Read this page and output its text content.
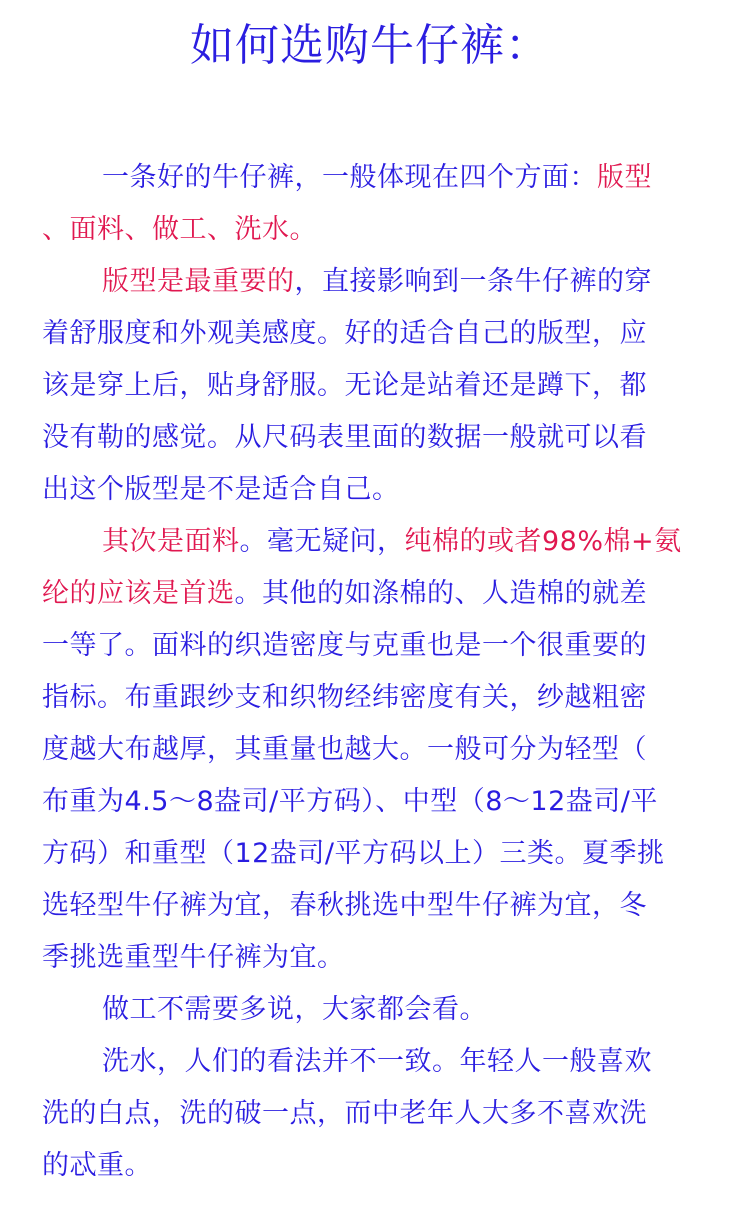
如何选购牛仔裤：
一条好的牛仔裤，一般体现在四个方面：版型
、面料、做工、洗水。
版型是最重要的，直接影响到一条牛仔裤的穿
着舒服度和外观美感度。好的适合自己的版型，应
该是穿上后，贴身舒服。无论是站着还是蹲下，都
没有勒的感觉。从尺码表里面的数据一般就可以看
出这个版型是不是适合自己。
其次是面料。毫无疑问，纯棉的或者98%棉+氨
纶的应该是首选。其他的如涤棉的、人造棉的就差
一等了。面料的织造密度与克重也是一个很重要的
指标。布重跟纱支和织物经纬密度有关，纱越粗密
度越大布越厚，其重量也越大。一般可分为轻型（
布重为4.5～8盎司/平方码）、中型（8～12盎司/平
方码）和重型（12盎司/平方码以上）三类。夏季挑
选轻型牛仔裤为宜，春秋挑选中型牛仔裤为宜，冬
季挑选重型牛仔裤为宜。
做工不需要多说，大家都会看。
洗水，人们的看法并不一致。年轻人一般喜欢
洗的白点，洗的破一点，而中老年人大多不喜欢洗
的忒重。
